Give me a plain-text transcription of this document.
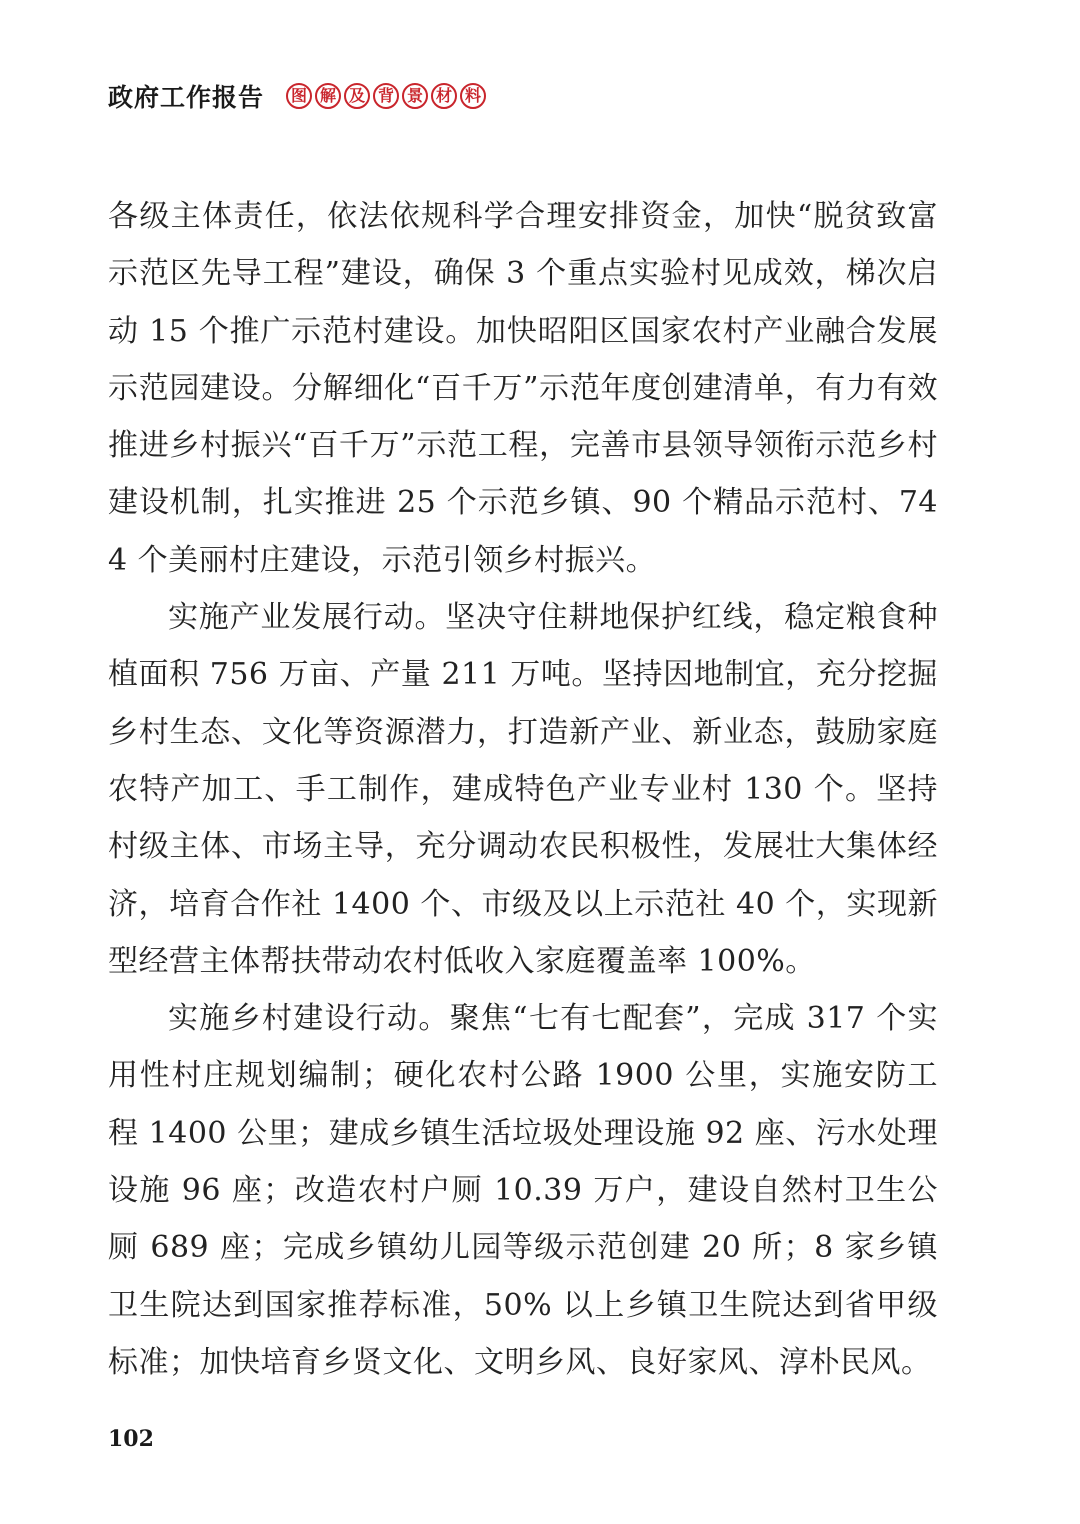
政府工作报告	图 解 及 背 景 材 料

各级主体责任，依法依规科学合理安排资金，加快“脱贫致富示范区先导工程”建设，确保 3 个重点实验村见成效，梯次启动 15 个推广示范村建设。加快昭阳区国家农村产业融合发展示范园建设。分解细化“百千万”示范年度创建清单，有力有效推进乡村振兴“百千万”示范工程，完善市县领导领衔示范乡村建设机制，扎实推进 25 个示范乡镇、90 个精品示范村、744 个美丽村庄建设，示范引领乡村振兴。

实施产业发展行动。坚决守住耕地保护红线，稳定粮食种植面积 756 万亩、产量 211 万吨。坚持因地制宜，充分挖掘乡村生态、文化等资源潜力，打造新产业、新业态，鼓励家庭农特产加工、手工制作，建成特色产业专业村 130 个。坚持村级主体、市场主导，充分调动农民积极性，发展壮大集体经济，培育合作社 1400 个、市级及以上示范社 40 个，实现新型经营主体帮扶带动农村低收入家庭覆盖率 100%。

实施乡村建设行动。聚焦“七有七配套”，完成 317 个实用性村庄规划编制；硬化农村公路 1900 公里，实施安防工程 1400 公里；建成乡镇生活垃圾处理设施 92 座、污水处理设施 96 座；改造农村户厕 10.39 万户，建设自然村卫生公厕 689 座；完成乡镇幼儿园等级示范创建 20 所；8 家乡镇卫生院达到国家推荐标准，50% 以上乡镇卫生院达到省甲级标准；加快培育乡贤文化、文明乡风、良好家风、淳朴民风。

102
